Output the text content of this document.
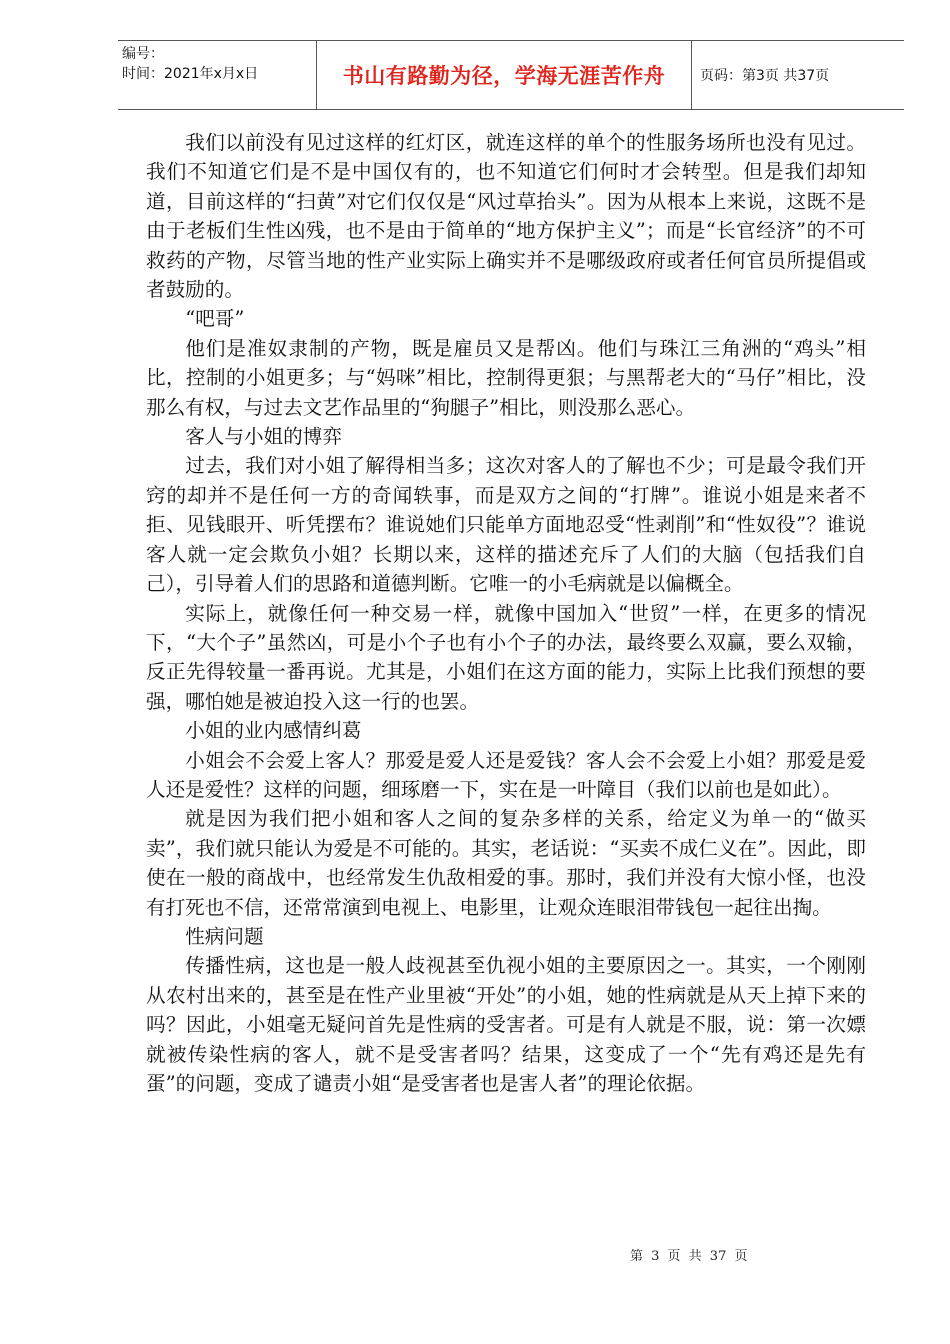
编号：
时间：2021年x月x日	书山有路勤为径，学海无涯苦作舟	页码：第3页 共37页

我们以前没有见过这样的红灯区，就连这样的单个的性服务场所也没有见过。我们不知道它们是不是中国仅有的，也不知道它们何时才会转型。但是我们却知道，目前这样的“扫黄”对它们仅仅是“风过草抬头”。因为从根本上来说，这既不是由于老板们生性凶残，也不是由于简单的“地方保护主义”；而是“长官经济”的不可救药的产物，尽管当地的性产业实际上确实并不是哪级政府或者任何官员所提倡或者鼓励的。

“吧哥”

他们是准奴隶制的产物，既是雇员又是帮凶。他们与珠江三角洲的“鸡头”相比，控制的小姐更多；与“妈咪”相比，控制得更狠；与黑帮老大的“马仔”相比，没那么有权，与过去文艺作品里的“狗腿子”相比，则没那么恶心。

客人与小姐的博弈

过去，我们对小姐了解得相当多；这次对客人的了解也不少；可是最令我们开窍的却并不是任何一方的奇闻轶事，而是双方之间的“打牌”。谁说小姐是来者不拒、见钱眼开、听凭摆布？谁说她们只能单方面地忍受“性剥削”和“性奴役”？谁说客人就一定会欺负小姐？长期以来，这样的描述充斥了人们的大脑（包括我们自己），引导着人们的思路和道德判断。它唯一的小毛病就是以偏概全。

实际上，就像任何一种交易一样，就像中国加入“世贸”一样，在更多的情况下，“大个子”虽然凶，可是小个子也有小个子的办法，最终要么双赢，要么双输，反正先得较量一番再说。尤其是，小姐们在这方面的能力，实际上比我们预想的要强，哪怕她是被迫投入这一行的也罢。

小姐的业内感情纠葛

小姐会不会爱上客人？那爱是爱人还是爱钱？客人会不会爱上小姐？那爱是爱人还是爱性？这样的问题，细琢磨一下，实在是一叶障目（我们以前也是如此）。

就是因为我们把小姐和客人之间的复杂多样的关系，给定义为单一的“做买卖”，我们就只能认为爱是不可能的。其实，老话说：“买卖不成仁义在”。因此，即使在一般的商战中，也经常发生仇敌相爱的事。那时，我们并没有大惊小怪，也没有打死也不信，还常常演到电视上、电影里，让观众连眼泪带钱包一起往出掏。

性病问题

传播性病，这也是一般人歧视甚至仇视小姐的主要原因之一。其实，一个刚刚从农村出来的，甚至是在性产业里被“开处”的小姐，她的性病就是从天上掉下来的吗？因此，小姐毫无疑问首先是性病的受害者。可是有人就是不服，说：第一次嫖就被传染性病的客人，就不是受害者吗？结果，这变成了一个“先有鸡还是先有蛋”的问题，变成了谴责小姐“是受害者也是害人者”的理论依据。

第 3 页 共 37 页
